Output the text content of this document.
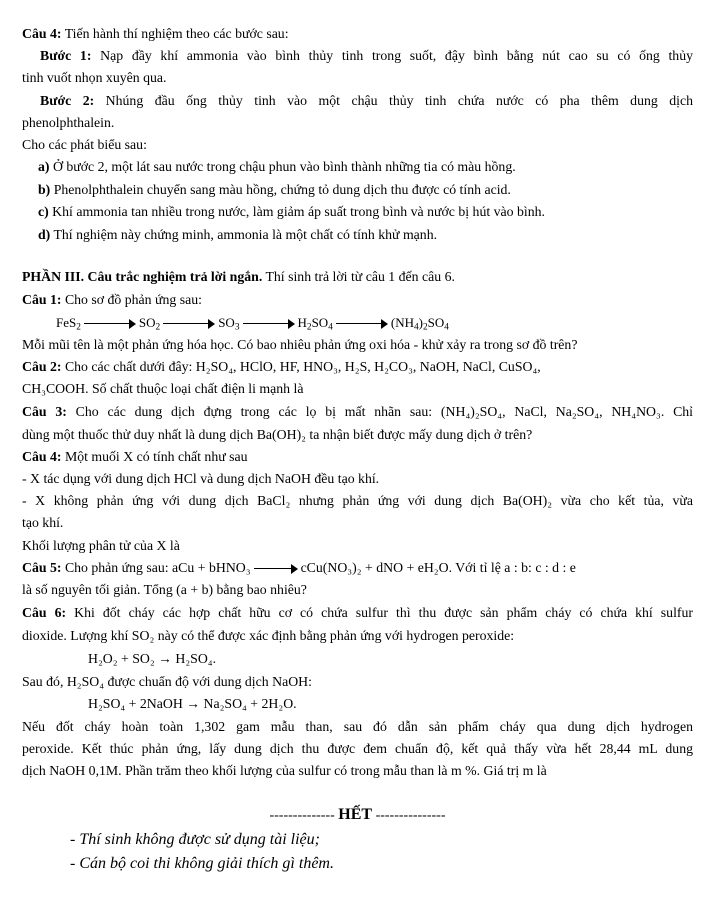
Câu 4: Tiến hành thí nghiệm theo các bước sau:
Bước 1: Nạp đầy khí ammonia vào bình thủy tinh trong suốt, đậy bình bằng nút cao su có ống thủy
tinh vuốt nhọn xuyên qua.
Bước 2: Nhúng đầu ống thủy tinh vào một chậu thủy tinh chứa nước có pha thêm dung dịch
phenolphthalein.
Cho các phát biểu sau:
a) Ở bước 2, một lát sau nước trong chậu phun vào bình thành những tia có màu hồng.
b) Phenolphthalein chuyển sang màu hồng, chứng tỏ dung dịch thu được có tính acid.
c) Khí ammonia tan nhiều trong nước, làm giảm áp suất trong bình và nước bị hút vào bình.
d) Thí nghiệm này chứng minh, ammonia là một chất có tính khử mạnh.
PHẦN III. Câu trắc nghiệm trả lời ngắn. Thí sinh trả lời từ câu 1 đến câu 6.
Câu 1: Cho sơ đồ phản ứng sau:
FeS$_2$	$SO_2$	$SO_3$	$H_2SO_4$	$(NH_4)_2SO_4$
Mỗi mũi tên là một phản ứng hóa học. Có bao nhiêu phản ứng oxi hóa - khử xảy ra trong sơ đồ trên?
Câu 2: Cho các chất dưới đây: H₂SO₄, HClO, HF, HNO₃, H₂S, H₂CO₃, NaOH, NaCl, CuSO₄,
CH₃COOH. Số chất thuộc loại chất điện li mạnh là
Câu 3: Cho các dung dịch đựng trong các lọ bị mất nhãn sau: (NH₄)₂SO₄, NaCl, Na₂SO₄, NH₄NO₃. Chỉ
dùng một thuốc thử duy nhất là dung dịch Ba(OH)₂ ta nhận biết được mấy dung dịch ở trên?
Câu 4: Một muối X có tính chất như sau
- X tác dụng với dung dịch HCl và dung dịch NaOH đều tạo khí.
- X không phản ứng với dung dịch BaCl₂ nhưng phản ứng với dung dịch Ba(OH)₂ vừa cho kết tủa, vừa
tạo khí.
Khối lượng phân tử của X là
Câu 5: Cho phản ứng sau: aCu + bHNO₃	cCu(NO₃)₂ + dNO + eH₂O. Với tỉ lệ a : b: c : d : e
là số nguyên tối giản. Tổng (a + b) bằng bao nhiêu?
Câu 6: Khi đốt cháy các hợp chất hữu cơ có chứa sulfur thì thu được sản phẩm cháy có chứa khí sulfur
dioxide. Lượng khí SO₂ này có thể được xác định bằng phản ứng với hydrogen peroxide:
H₂O₂ + SO₂ → H₂SO₄.
Sau đó, H₂SO₄ được chuẩn độ với dung dịch NaOH:
H₂SO₄ + 2NaOH → Na₂SO₄ + 2H₂O.
Nếu đốt cháy hoàn toàn 1,302 gam mẫu than, sau đó dẫn sản phẩm cháy qua dung dịch hydrogen
peroxide. Kết thúc phản ứng, lấy dung dịch thu được đem chuẩn độ, kết quả thấy vừa hết 28,44 mL dung
dịch NaOH 0,1M. Phần trăm theo khối lượng của sulfur có trong mẫu than là m %. Giá trị m là
-------------- HẾT ---------------
- Thí sinh không được sử dụng tài liệu;
- Cán bộ coi thi không giải thích gì thêm.
